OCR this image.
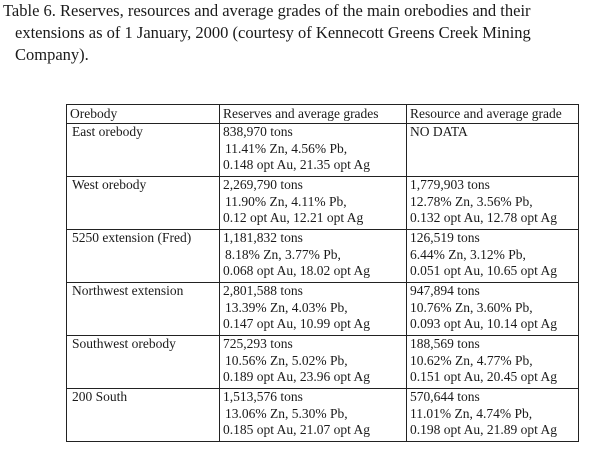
Table 6. Reserves, resources and average grades of the main orebodies and their

extensions as of 1 January, 2000 (courtesy of Kennecott Greens Creek Mining
Company).
Orebody	Reserves and average grades	Resource and average grade
East orebody	838,970 tons
11.41% Zn, 4.56% Pb,
0.148 opt Au, 21.35 opt Ag	NO DATA

West orebody	2,269,790 tons
11.90% Zn, 4.11% Pb,
0.12 opt Au, 12.21 opt Ag	1,779,903 tons
12.78% Zn, 3.56% Pb,
0.132 opt Au, 12.78 opt Ag

5250 extension (Fred)	1,181,832 tons
8.18% Zn, 3.77% Pb,
0.068 opt Au, 18.02 opt Ag	126,519 tons
6.44% Zn, 3.12% Pb,
0.051 opt Au, 10.65 opt Ag

Northwest extension	2,801,588 tons
13.39% Zn, 4.03% Pb,
0.147 opt Au, 10.99 opt Ag	947,894 tons
10.76% Zn, 3.60% Pb,
0.093 opt Au, 10.14 opt Ag

Southwest orebody	725,293 tons
10.56% Zn, 5.02% Pb,
0.189 opt Au, 23.96 opt Ag	188,569 tons
10.62% Zn, 4.77% Pb,
0.151 opt Au, 20.45 opt Ag

200 South	1,513,576 tons
13.06% Zn, 5.30% Pb,
0.185 opt Au, 21.07 opt Ag	570,644 tons
11.01% Zn, 4.74% Pb,
0.198 opt Au, 21.89 opt Ag
